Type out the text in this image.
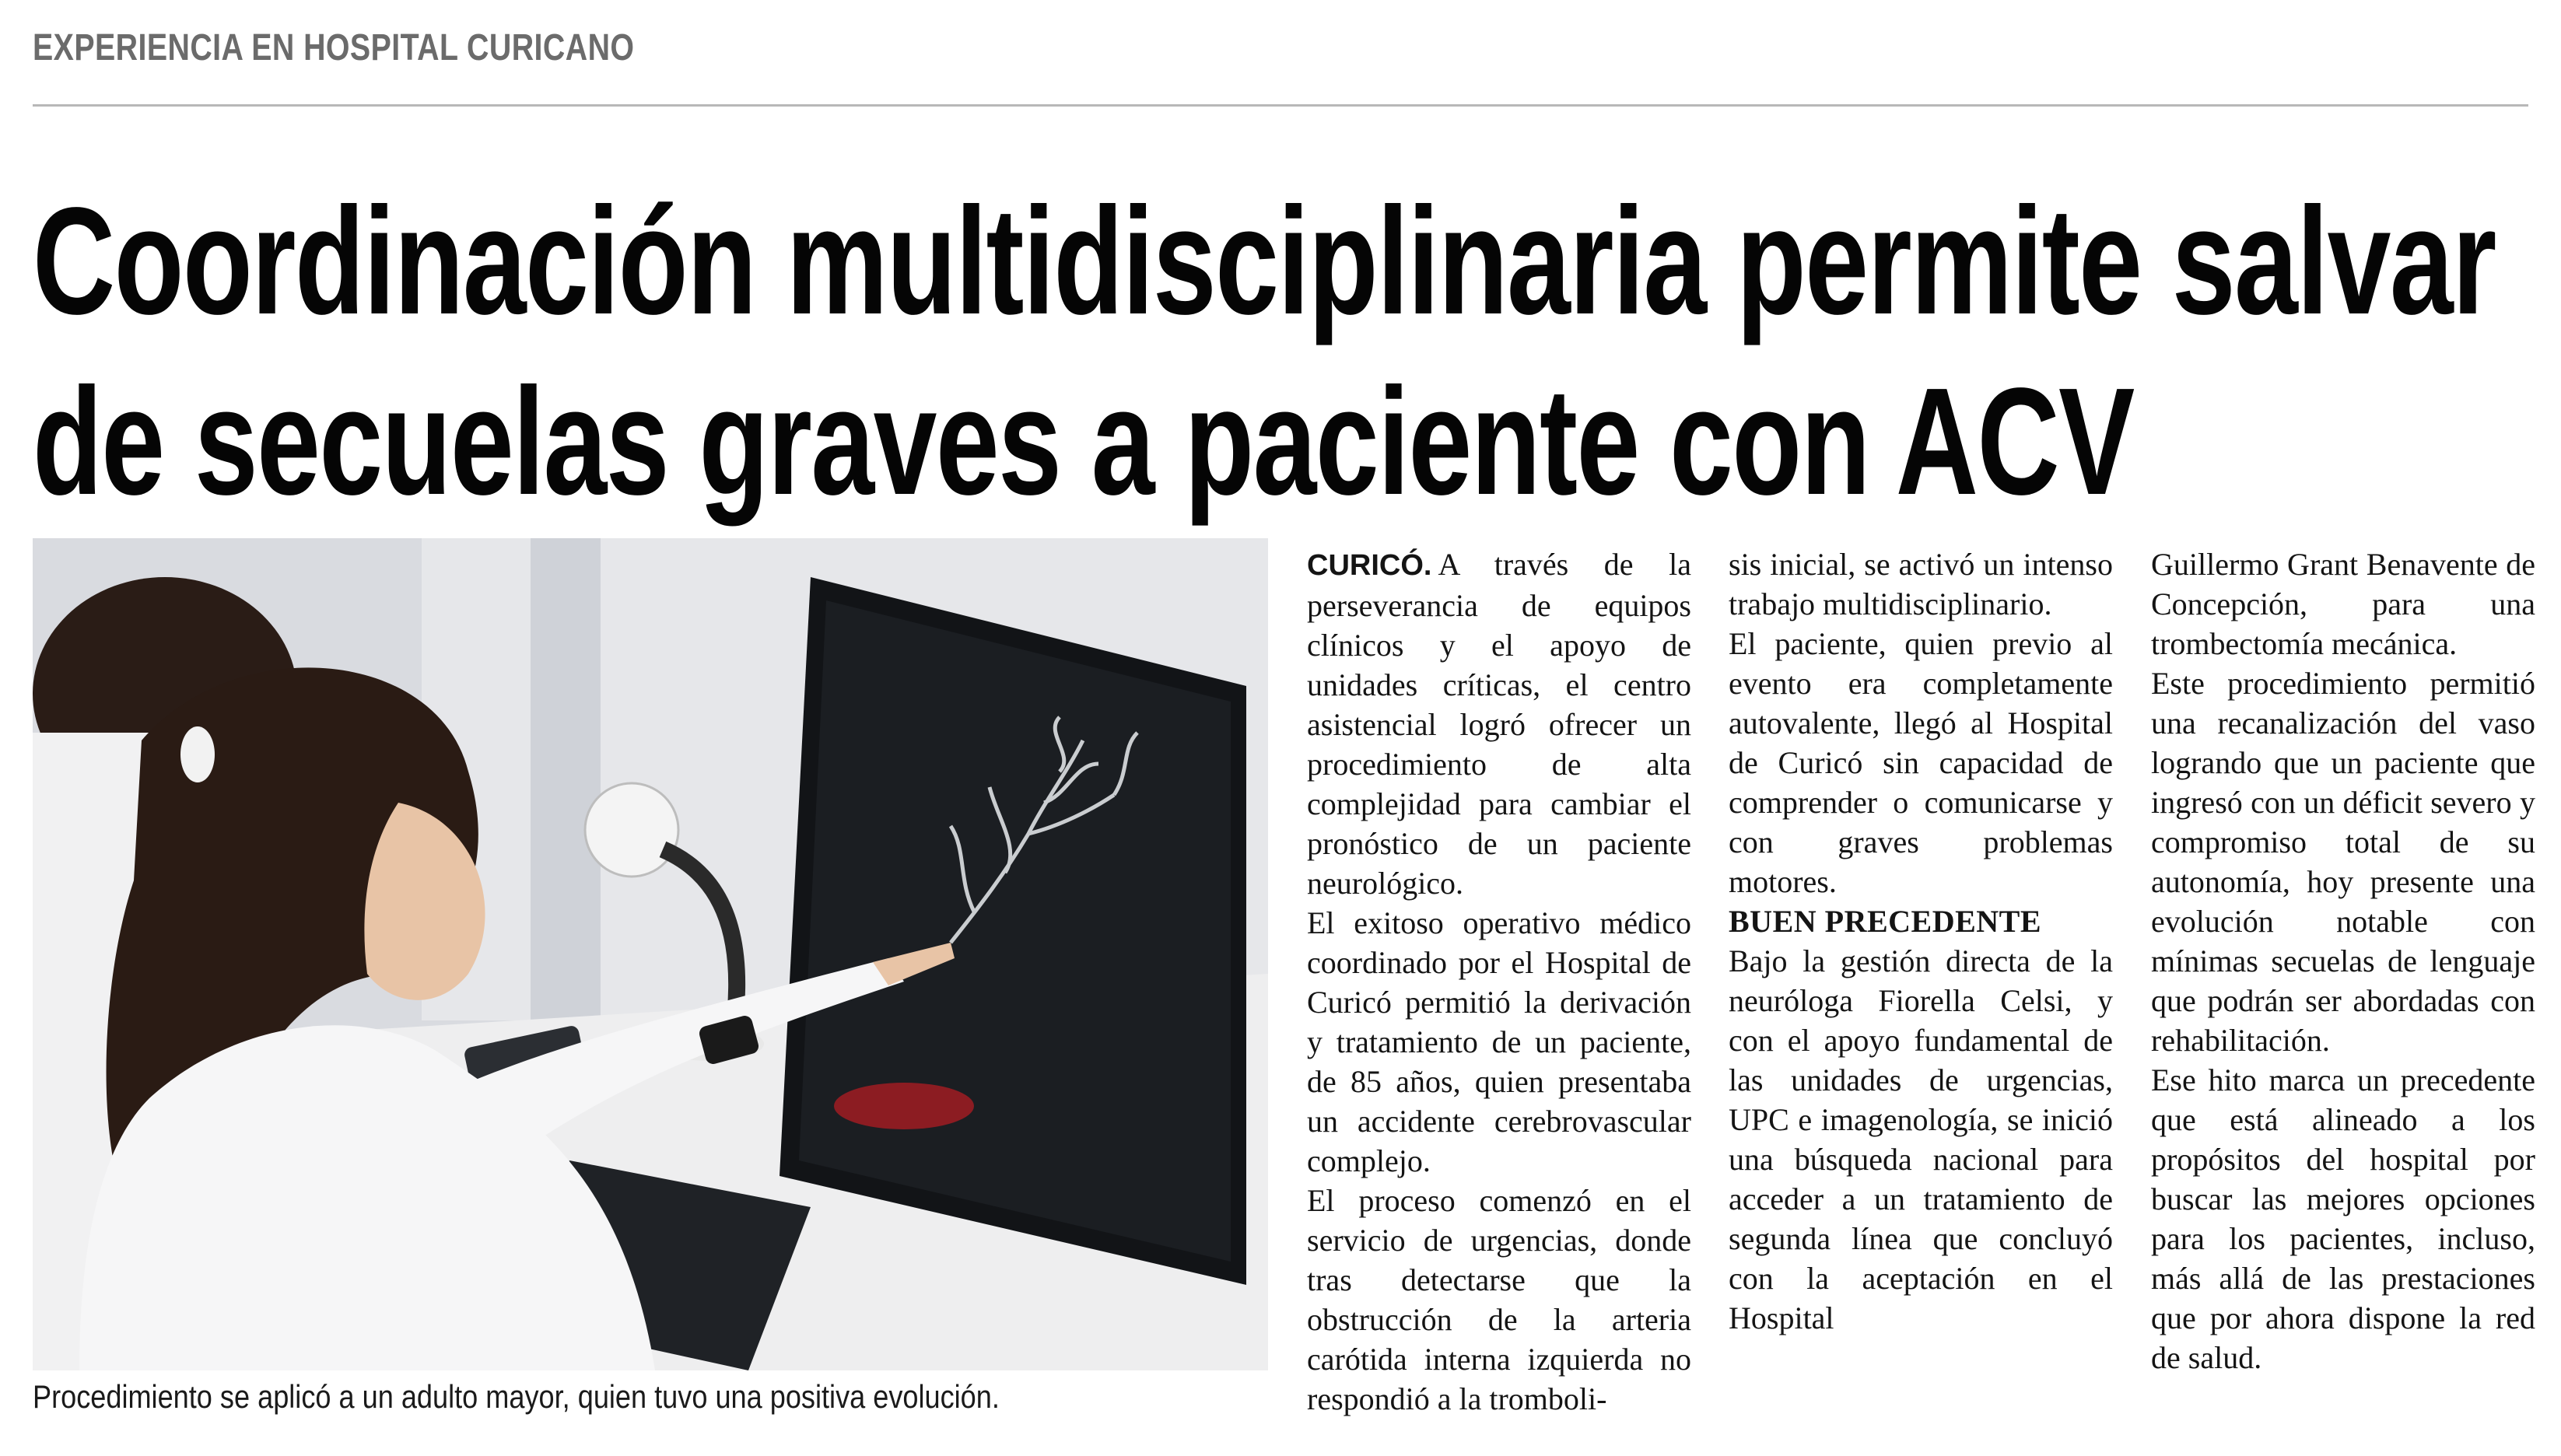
EXPERIENCIA EN HOSPITAL CURICANO
Coordinación multidisciplinaria permite salvar
de secuelas graves a paciente con ACV
Procedimiento se aplicó a un adulto mayor, quien tuvo una positiva evolución.

CURICÓ. A través de la perseverancia de equipos clínicos y el apoyo de unidades críticas, el centro asistencial logró ofrecer un procedimiento de alta complejidad para cambiar el pronóstico de un paciente neurológico.

El exitoso operativo médico coordinado por el Hospital de Curicó permitió la derivación y tratamiento de un paciente, de 85 años, quien presentaba un accidente cerebrovascular complejo.

El proceso comenzó en el servicio de urgencias, donde tras detectarse que la obstrucción de la arteria carótida interna izquierda no respondió a la tromboli-

sis inicial, se activó un intenso trabajo multidisciplinario.

El paciente, quien previo al evento era completamente autovalente, llegó al Hospital de Curicó sin capacidad de comprender o comunicarse y con graves problemas motores.

BUEN PRECEDENTE

Bajo la gestión directa de la neuróloga Fiorella Celsi, y con el apoyo fundamental de las unidades de urgencias, UPC e imagenología, se inició una búsqueda nacional para acceder a un tratamiento de segunda línea que concluyó con la aceptación en el Hospital

Guillermo Grant Benavente de Concepción, para una trombectomía mecánica.

Este procedimiento permitió una recanalización del vaso logrando que un paciente que ingresó con un déficit severo y compromiso total de su autonomía, hoy presente una evolución notable con mínimas secuelas de lenguaje que podrán ser abordadas con rehabilitación.

Ese hito marca un precedente que está alineado a los propósitos del hospital por buscar las mejores opciones para los pacientes, incluso, más allá de las prestaciones que por ahora dispone la red de salud.
